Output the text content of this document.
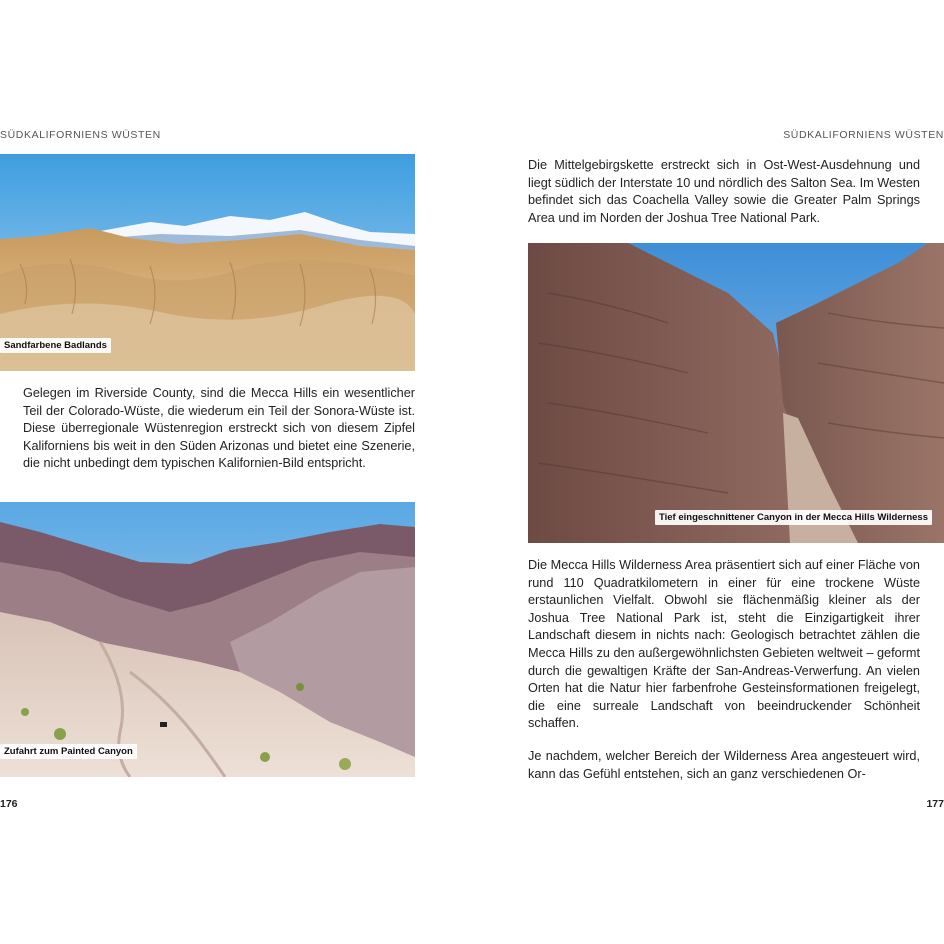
SÜDKALIFORNIENS WÜSTEN
Sandfarbene Badlands

Gelegen im Riverside County, sind die Mecca Hills ein wesentlicher Teil der Colorado-Wüste, die wiederum ein Teil der Sonora-Wüste ist. Diese überregionale Wüstenregion erstreckt sich von diesem Zipfel Kaliforniens bis weit in den Süden Arizonas und bietet eine Szenerie, die nicht unbedingt dem typischen Kalifornien-Bild entspricht.

Zufahrt zum Painted Canyon
176
SÜDKALIFORNIENS WÜSTEN

Die Mittelgebirgskette erstreckt sich in Ost-West-Ausdehnung und liegt südlich der Interstate 10 und nördlich des Salton Sea. Im Westen befindet sich das Coachella Valley sowie die Greater Palm Springs Area und im Norden der Joshua Tree National Park.

Tief eingeschnittener Canyon in der Mecca Hills Wilderness

Die Mecca Hills Wilderness Area präsentiert sich auf einer Fläche von rund 110 Quadratkilometern in einer für eine trockene Wüste erstaunlichen Vielfalt. Obwohl sie flächenmäßig kleiner als der Joshua Tree National Park ist, steht die Einzigartigkeit ihrer Landschaft diesem in nichts nach: Geologisch betrachtet zählen die Mecca Hills zu den außergewöhnlichsten Gebieten weltweit – geformt durch die gewaltigen Kräfte der San-Andreas-Verwerfung. An vielen Orten hat die Natur hier farbenfrohe Gesteinsformationen freigelegt, die eine surreale Landschaft von beeindruckender Schönheit schaffen.

Je nachdem, welcher Bereich der Wilderness Area angesteuert wird, kann das Gefühl entstehen, sich an ganz verschiedenen Or-

177
